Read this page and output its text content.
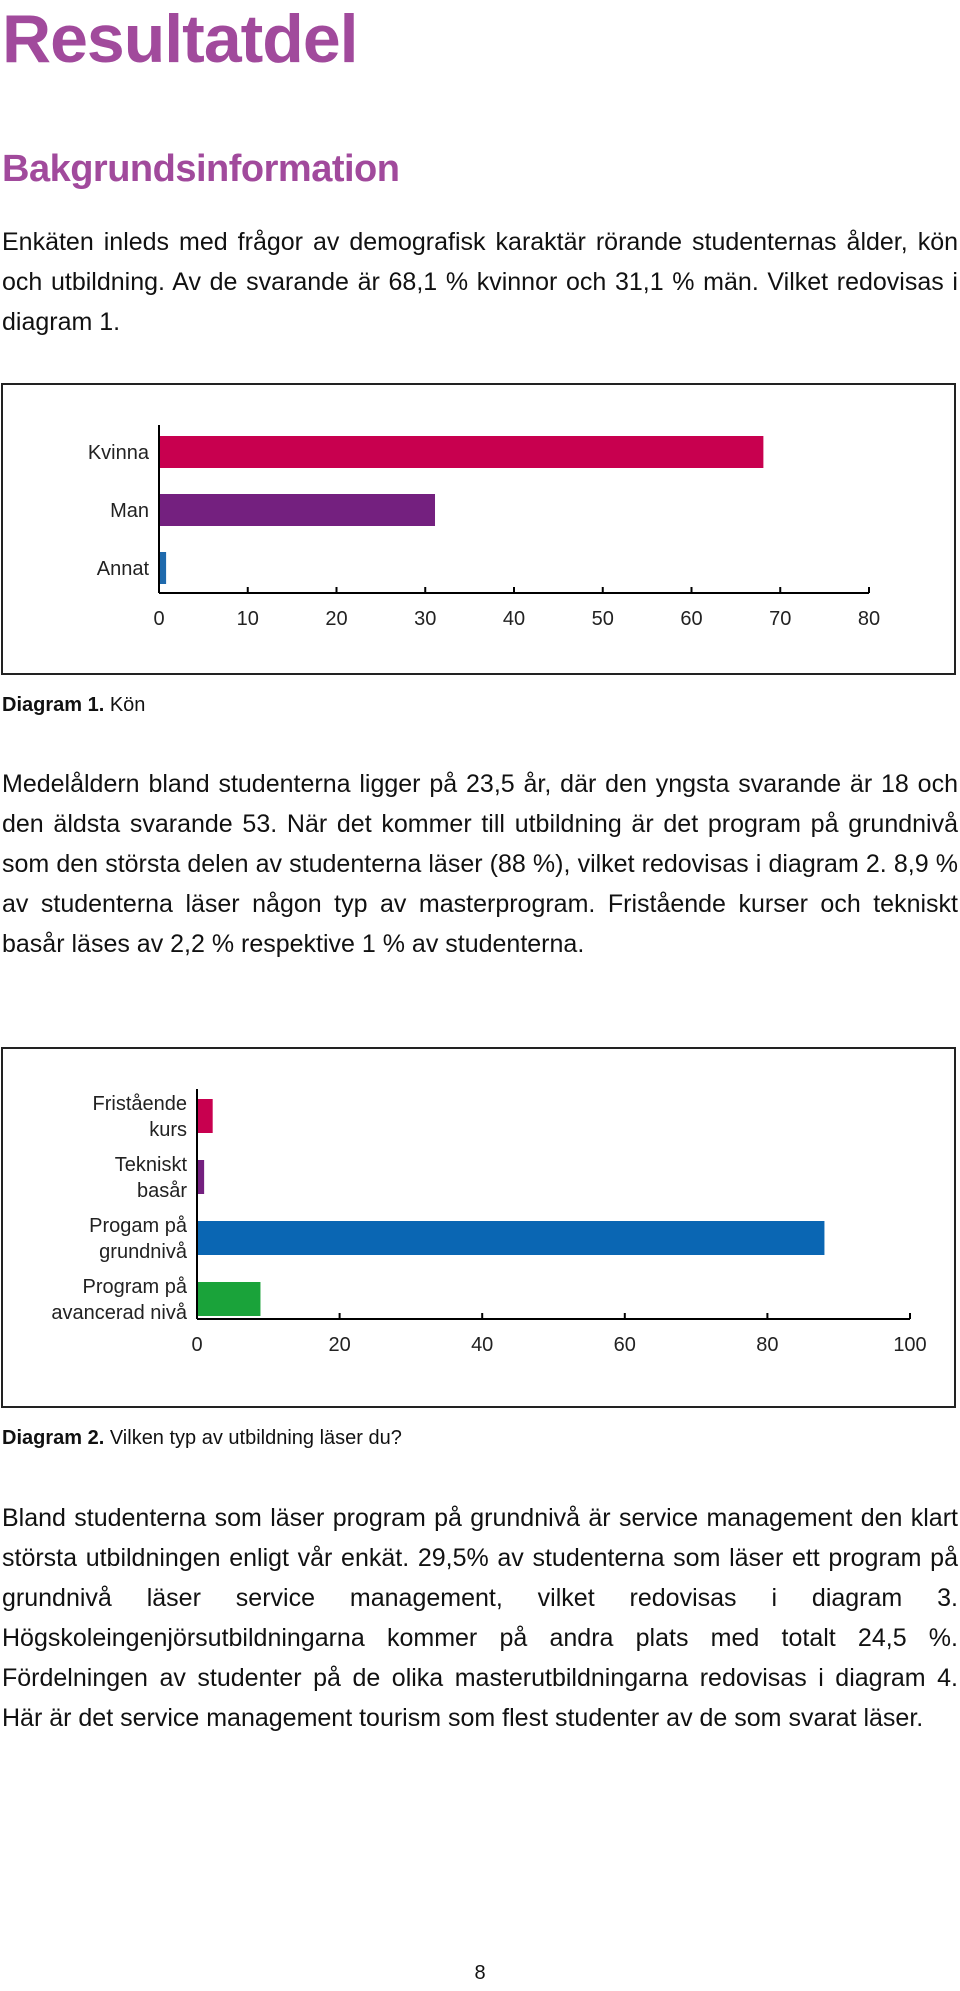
Resultatdel
Bakgrundsinformation

Enkäten inleds med frågor av demografisk karaktär rörande studenternas ålder, kön och utbildning. Av de svarande är 68,1 % kvinnor och 31,1 % män. Vilket redovisas i diagram 1.

0	10	20	30	40	50	60	70	80
Kvinna
Man
Annat

Diagram 1. Kön

Medelåldern bland studenterna ligger på 23,5 år, där den yngsta svarande är 18 och den äldsta svarande 53. När det kommer till utbildning är det program på grundnivå som den största delen av studenterna läser (88 %), vilket redovisas i diagram 2. 8,9 % av studenterna läser någon typ av masterprogram. Fristående kurser och tekniskt basår läses av 2,2 % respektive 1 % av studenterna.

0	20	40	60	80	100
Fristående kurs
Tekniskt basår
Progam på grundnivå
Program på avancerad nivå

Diagram 2. Vilken typ av utbildning läser du?

Bland studenterna som läser program på grundnivå är service management den klart största utbildningen enligt vår enkät. 29,5% av studenterna som läser ett program på grundnivå läser service management, vilket redovisas i diagram 3. Högskoleingenjörsutbildningarna kommer på andra plats med totalt 24,5 %. Fördelningen av studenter på de olika masterutbildningarna redovisas i diagram 4. Här är det service management tourism som flest studenter av de som svarat läser.

8
